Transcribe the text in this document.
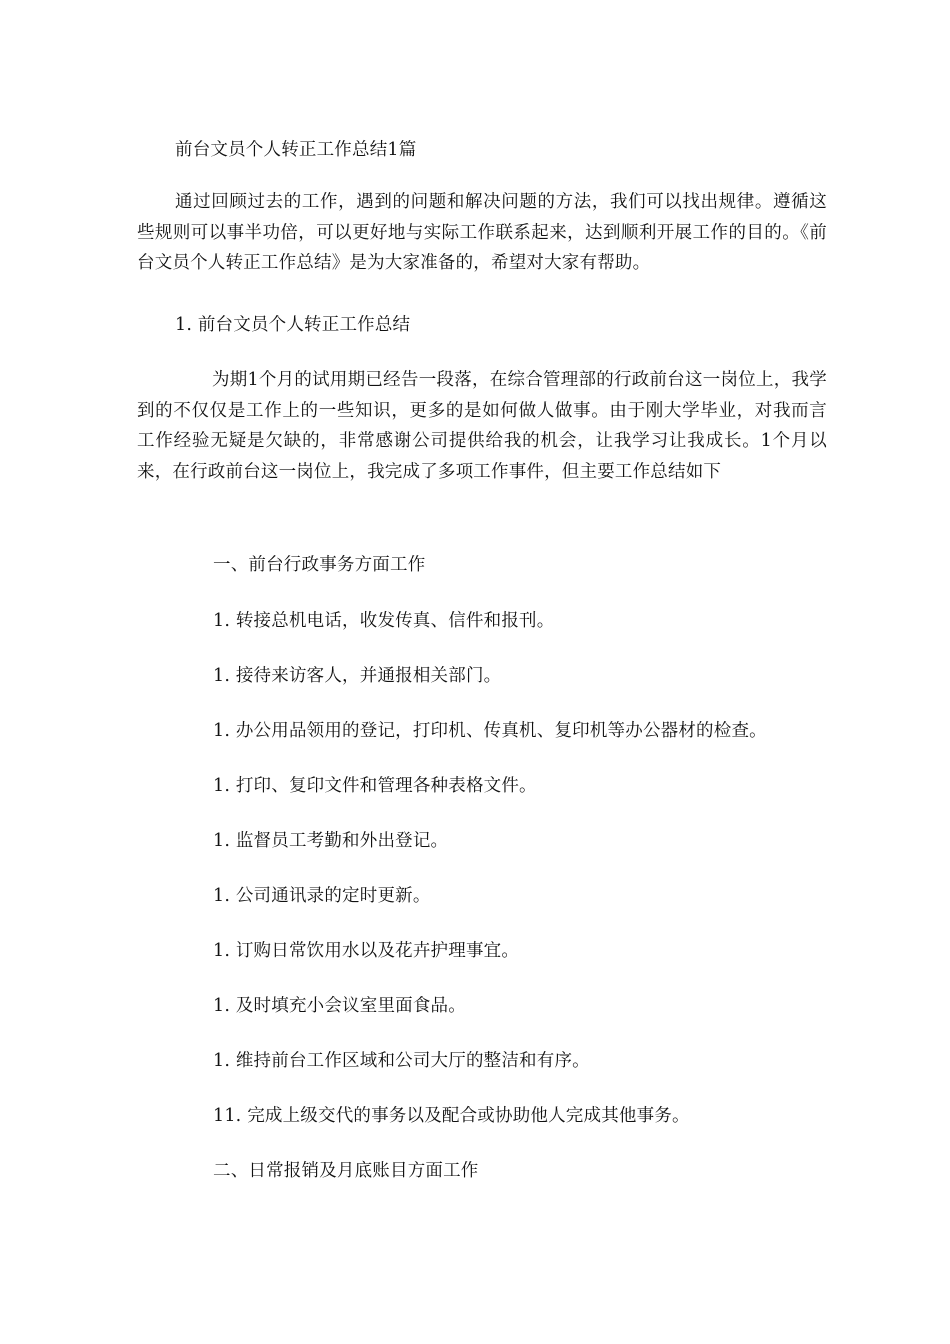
前台文员个人转正工作总结1篇
通过回顾过去的工作，遇到的问题和解决问题的方法，我们可以找出规律。遵循这些规则可以事半功倍，可以更好地与实际工作联系起来，达到顺利开展工作的目的。《前台文员个人转正工作总结》是为大家准备的，希望对大家有帮助。
1. 前台文员个人转正工作总结
为期1个月的试用期已经告一段落，在综合管理部的行政前台这一岗位上，我学到的不仅仅是工作上的一些知识，更多的是如何做人做事。由于刚大学毕业，对我而言工作经验无疑是欠缺的，非常感谢公司提供给我的机会，让我学习让我成长。1个月以来，在行政前台这一岗位上，我完成了多项工作事件，但主要工作总结如下
一、前台行政事务方面工作
1. 转接总机电话，收发传真、信件和报刊。
1. 接待来访客人，并通报相关部门。
1. 办公用品领用的登记，打印机、传真机、复印机等办公器材的检查。
1. 打印、复印文件和管理各种表格文件。
1. 监督员工考勤和外出登记。
1. 公司通讯录的定时更新。
1. 订购日常饮用水以及花卉护理事宜。
1. 及时填充小会议室里面食品。
1. 维持前台工作区域和公司大厅的整洁和有序。
11. 完成上级交代的事务以及配合或协助他人完成其他事务。
二、日常报销及月底账目方面工作
